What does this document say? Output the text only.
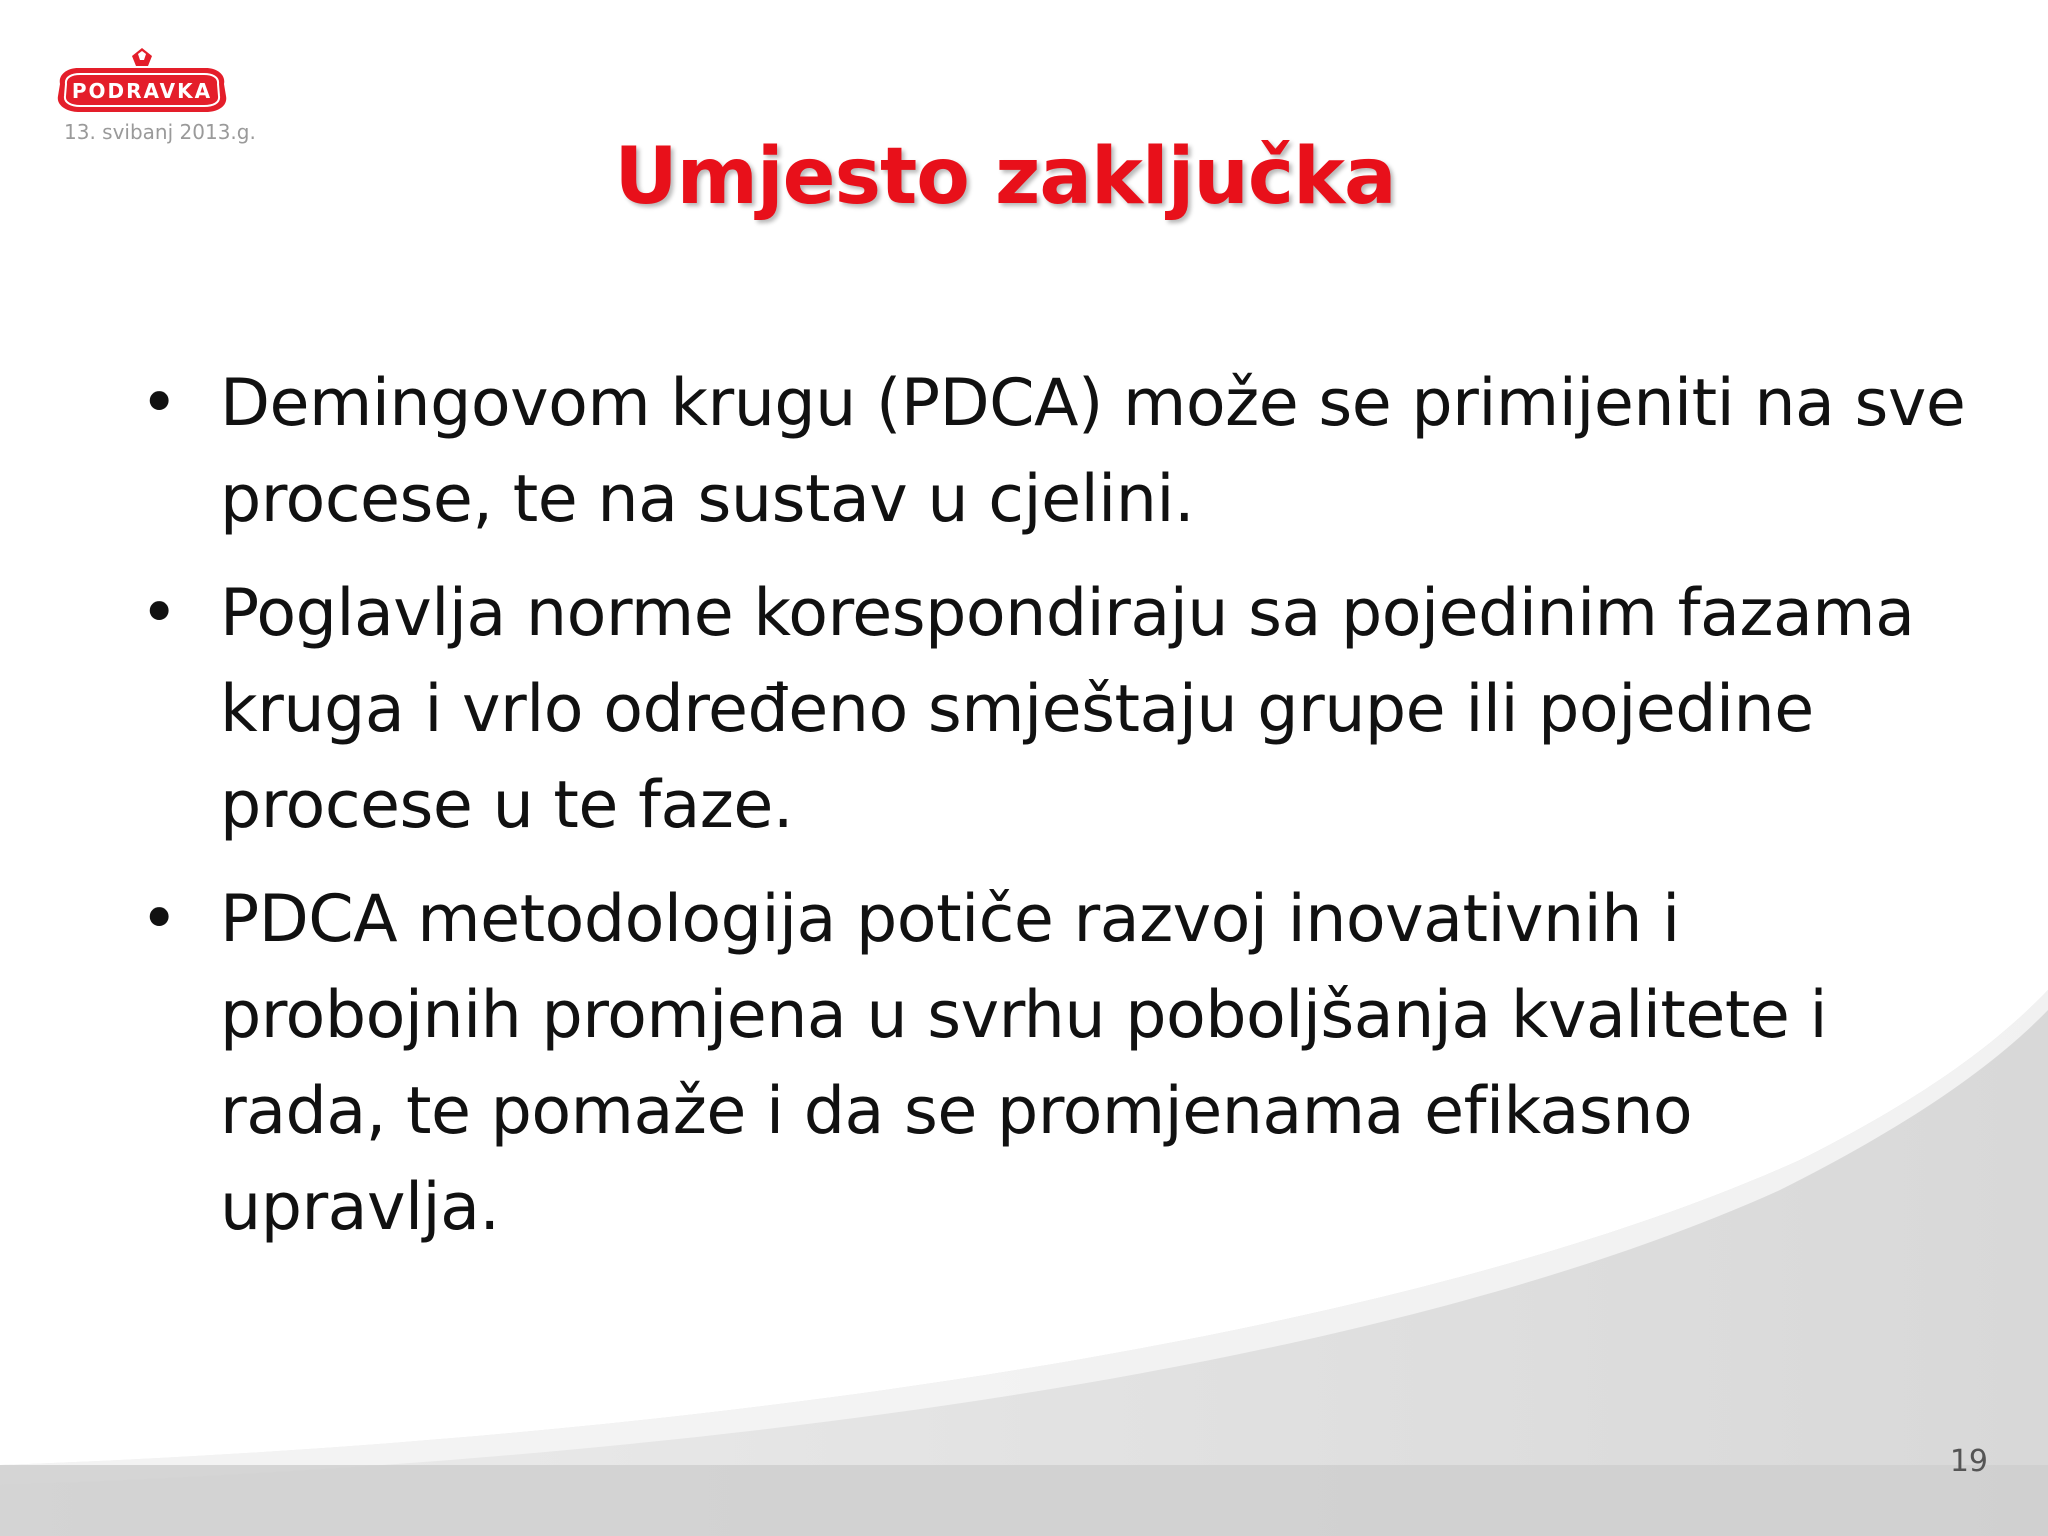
PODRAVKA
13. svibanj 2013.g.	Umjesto zaključka
• Demingovom krugu (PDCA) može se primijeniti na sve procese, te na sustav u cjelini.
• Poglavlja norme korespondiraju sa pojedinim fazama kruga i vrlo određeno smještaju grupe ili pojedine procese u te faze.
• PDCA metodologija potiče razvoj inovativnih i probojnih promjena u svrhu poboljšanja kvalitete i rada, te pomaže i da se promjenama efikasno upravlja.
19
